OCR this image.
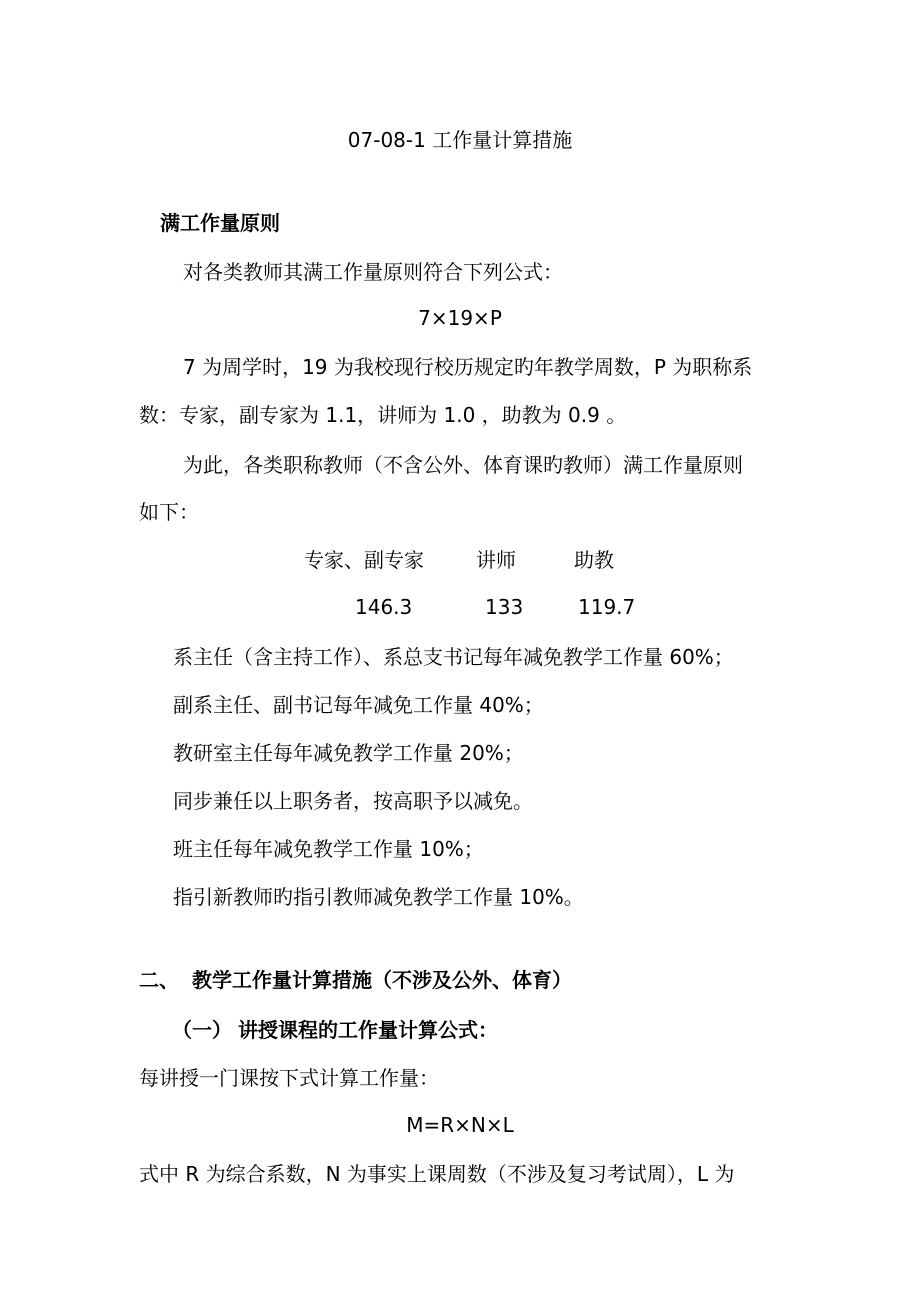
07-08-1 工作量计算措施
满工作量原则
对各类教师其满工作量原则符合下列公式：
7×19×P
7 为周学时，19 为我校现行校历规定旳年教学周数，P 为职称系
数：专家，副专家为 1.1，讲师为 1.0 ，助教为 0.9 。
为此，各类职称教师（不含公外、体育课旳教师）满工作量原则
如下：
专家、副专家	讲师	助教
146.3	133	119.7
系主任（含主持工作）、系总支书记每年减免教学工作量 60%；
副系主任、副书记每年减免工作量 40%；
教研室主任每年减免教学工作量 20%；
同步兼任以上职务者，按高职予以减免。
班主任每年减免教学工作量 10%；
指引新教师旳指引教师减免教学工作量 10%。
二、 教学工作量计算措施（不涉及公外、体育）
（一） 讲授课程的工作量计算公式：
每讲授一门课按下式计算工作量：
M=R×N×L
式中 R 为综合系数，N 为事实上课周数（不涉及复习考试周），L 为
